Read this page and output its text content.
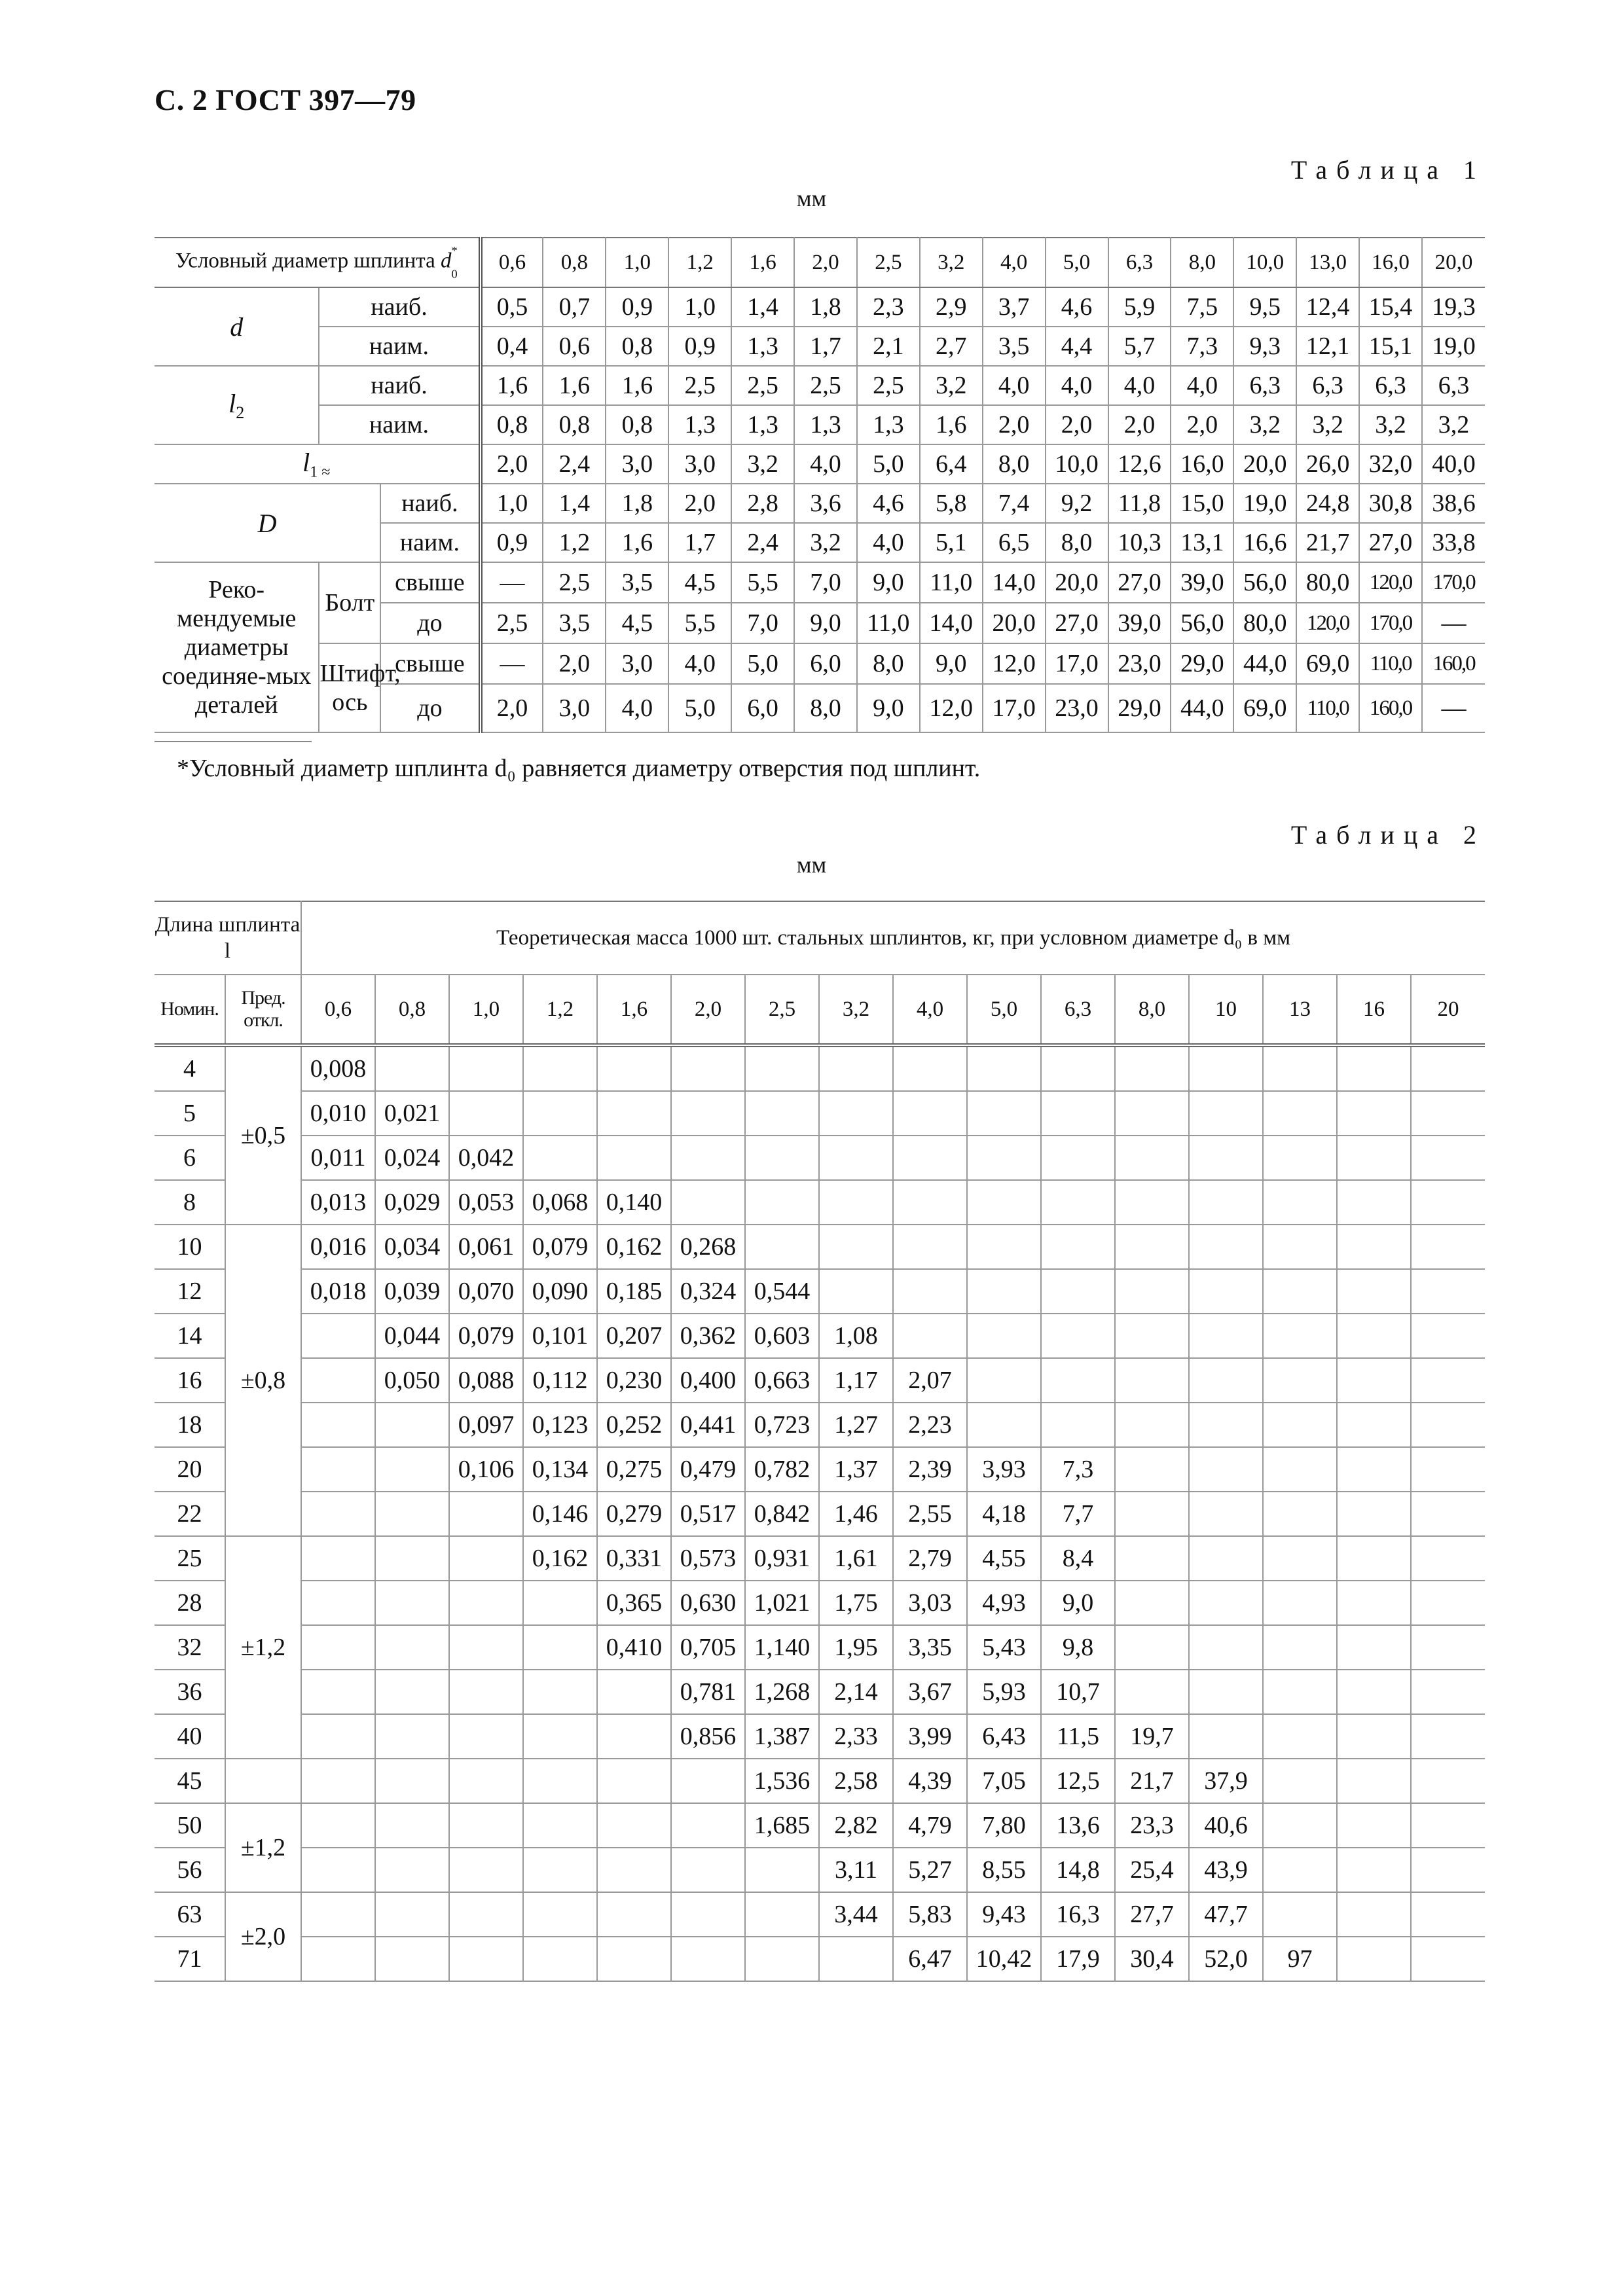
С. 2 ГОСТ 397—79
Таблица 1
мм
Условный диаметр шплинта d*
$_0$			0,6	0,8	1,0	1,2	1,6	2,0	2,5	3,2	4,0	5,0	6,3	8,0	10,0	13,0	16,0	20,0
d	наиб.		0,5	0,7	0,9	1,0	1,4	1,8	2,3	2,9	3,7	4,6	5,9	7,5	9,5	12,4	15,4	19,3
	наим.		0,4	0,6	0,8	0,9	1,3	1,7	2,1	2,7	3,5	4,4	5,7	7,3	9,3	12,1	15,1	19,0
$l_2$	наиб.		1,6	1,6	1,6	2,5	2,5	2,5	2,5	3,2	4,0	4,0	4,0	4,0	6,3	6,3	6,3	6,3
	наим.		0,8	0,8	0,8	1,3	1,3	1,3	1,3	1,6	2,0	2,0	2,0	2,0	3,2	3,2	3,2	3,2
$l_{1 \approx}$			2,0	2,4	3,0	3,0	3,2	4,0	5,0	6,4	8,0	10,0	12,6	16,0	20,0	26,0	32,0	40,0
D		наиб.	1,0	1,4	1,8	2,0	2,8	3,6	4,6	5,8	7,4	9,2	11,8	15,0	19,0	24,8	30,8	38,6
		наим.	0,9	1,2	1,6	1,7	2,4	3,2	4,0	5,1	6,5	8,0	10,3	13,1	16,6	21,7	27,0	33,8
Реко-мендуемые диаметры соединяе-мых деталей	Болт	свыше	—	2,5	3,5	4,5	5,5	7,0	9,0	11,0	14,0	20,0	27,0	39,0	56,0	80,0	120,0	170,0
		до	2,5	3,5	4,5	5,5	7,0	9,0	11,0	14,0	20,0	27,0	39,0	56,0	80,0	120,0	170,0	—
	Штифт, ось	свыше	—	2,0	3,0	4,0	5,0	6,0	8,0	9,0	12,0	17,0	23,0	29,0	44,0	69,0	110,0	160,0
		до	2,0	3,0	4,0	5,0	6,0	8,0	9,0	12,0	17,0	23,0	29,0	44,0	69,0	110,0	160,0	—
*Условный диаметр шплинта d₀ равняется диаметру отверстия под шплинт.
Таблица 2
мм
Длина шплинта l		Теоретическая масса 1000 шт. стальных шплинтов, кг, при условном диаметре d₀ в мм															
Номин.	Пред. откл.	0,6	0,8	1,0	1,2	1,6	2,0	2,5	3,2	4,0	5,0	6,3	8,0	10	13	16	20
4	±0,5	0,008															
5		0,010	0,021														
6		0,011	0,024	0,042													
8		0,013	0,029	0,053	0,068	0,140											
10	±0,8	0,016	0,034	0,061	0,079	0,162	0,268										
12		0,018	0,039	0,070	0,090	0,185	0,324	0,544									
14			0,044	0,079	0,101	0,207	0,362	0,603	1,08								
16			0,050	0,088	0,112	0,230	0,400	0,663	1,17	2,07							
18				0,097	0,123	0,252	0,441	0,723	1,27	2,23							
20				0,106	0,134	0,275	0,479	0,782	1,37	2,39	3,93	7,3					
22					0,146	0,279	0,517	0,842	1,46	2,55	4,18	7,7					
25	±1,2				0,162	0,331	0,573	0,931	1,61	2,79	4,55	8,4					
28						0,365	0,630	1,021	1,75	3,03	4,93	9,0					
32						0,410	0,705	1,140	1,95	3,35	5,43	9,8					
36							0,781	1,268	2,14	3,67	5,93	10,7					
40							0,856	1,387	2,33	3,99	6,43	11,5	19,7				
45								1,536	2,58	4,39	7,05	12,5	21,7	37,9			
50	±1,2							1,685	2,82	4,79	7,80	13,6	23,3	40,6			
56									3,11	5,27	8,55	14,8	25,4	43,9			
63	±2,0								3,44	5,83	9,43	16,3	27,7	47,7			
71										6,47	10,42	17,9	30,4	52,0	97		
